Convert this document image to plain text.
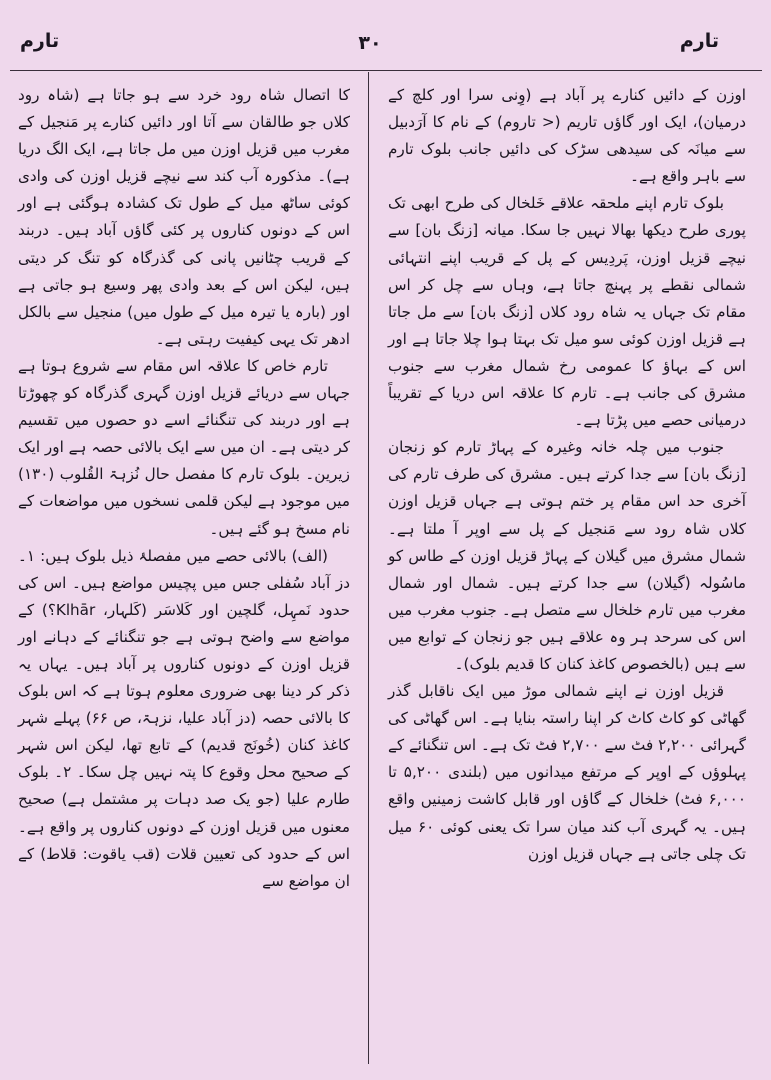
تارم
۳۰
تارم

اوزن کے دائیں کنارے پر آباد ہے (وِنی سرا اور کلچ کے درمیان)، ایک اور گاؤں تاریم (< تاروم) کے نام کا آرَدبیل سے میانَہ کی سیدھی سڑک کی دائیں جانب بلوک تارم سے باہر واقع ہے۔

بلوک تارم اپنے ملحقہ علاقے خَلخال کی طرح ابھی تک پوری طرح دیکھا بھالا نہیں جا سکا. میانہ [زنگ بان] سے نیچے قزیل اوزن، پَردِیس کے پل کے قریب اپنے انتہائی شمالی نقطے پر پہنچ جاتا ہے، وہاں سے چل کر اس مقام تک جہاں یہ شاہ رود کلاں [زنگ بان] سے مل جاتا ہے قزیل اوزن کوئی سو میل تک بہتا ہوا چلا جاتا ہے اور اس کے بہاؤ کا عمومی رخ شمال مغرب سے جنوب مشرق کی جانب ہے۔ تارم کا علاقہ اس دریا کے تقریباً درمیانی حصے میں پڑتا ہے۔

جنوب میں چلہ خانہ وغیرہ کے پہاڑ تارم کو زنجان [زنگ بان] سے جدا کرتے ہیں۔ مشرق کی طرف تارم کی آخری حد اس مقام پر ختم ہوتی ہے جہاں قزیل اوزن کلاں شاہ رود سے مَنجیل کے پل سے اوپر آ ملتا ہے۔ شمال مشرق میں گیلان کے پہاڑ قزیل اوزن کے طاس کو ماسُولہ (گیلان) سے جدا کرتے ہیں۔ شمال اور شمال مغرب میں تارم خلخال سے متصل ہے۔ جنوب مغرب میں اس کی سرحد ہر وہ علاقے ہیں جو زنجان کے توابع میں سے ہیں (بالخصوص کاغذ کنان کا قدیم بلوک)۔

قزیل اوزن نے اپنے شمالی موڑ میں ایک ناقابل گذر گھاٹی کو کاٹ کاٹ کر اپنا راستہ بنایا ہے۔ اس گھاٹی کی گہرائی ۲,۲۰۰ فٹ سے ۲,۷۰۰ فٹ تک ہے۔ اس تنگنائے کے پہلوؤں کے اوپر کے مرتفع میدانوں میں (بلندی ۵,۲۰۰ تا ۶,۰۰۰ فٹ) خلخال کے گاؤں اور قابل کاشت زمینیں واقع ہیں۔ یہ گہری آب کند میان سرا تک یعنی کوئی ۶۰ میل تک چلی جاتی ہے جہاں قزیل اوزن

کا اتصال شاہ رود خرد سے ہو جاتا ہے (شاہ رود کلاں جو طالقان سے آتا اور دائیں کنارے پر مَنجیل کے مغرب میں قزیل اوزن میں مل جاتا ہے، ایک الگ دریا ہے)۔ مذکورہ آب کند سے نیچے قزیل اوزن کی وادی کوئی ساٹھ میل کے طول تک کشادہ ہوگئی ہے اور اس کے دونوں کناروں پر کئی گاؤں آباد ہیں۔ دربند کے قریب چٹانیں پانی کی گذرگاہ کو تنگ کر دیتی ہیں، لیکن اس کے بعد وادی پھر وسیع ہو جاتی ہے اور (بارہ یا تیرہ میل کے طول میں) منجیل سے بالکل ادھر تک یہی کیفیت رہتی ہے۔

تارم خاص کا علاقہ اس مقام سے شروع ہوتا ہے جہاں سے دریائے قزیل اوزن گہری گذرگاہ کو چھوڑتا ہے اور دربند کی تنگنائے اسے دو حصوں میں تقسیم کر دیتی ہے۔ ان میں سے ایک بالائی حصہ ہے اور ایک زیرین۔ بلوک تارم کا مفصل حال نُزہۃ القُلوب (۱۳۰) میں موجود ہے لیکن قلمی نسخوں میں مواضعات کے نام مسخ ہو گئے ہیں۔

(الف) بالائی حصے میں مفصلۂ ذیل بلوک ہیں: ۱۔ دز آباد سُفلی جس میں پچیس مواضع ہیں۔ اس کی حدود نَمہِل، گلچین اور کَلاسَر (کَلہار، Klhār؟) کے مواضع سے واضح ہوتی ہے جو تنگنائے کے دہانے اور قزیل اوزن کے دونوں کناروں پر آباد ہیں۔ یہاں یہ ذکر کر دینا بھی ضروری معلوم ہوتا ہے کہ اس بلوک کا بالائی حصہ (دز آباد علیا، نزہۃ، ص ۶۶) پہلے شہر کاغذ کنان (خُونَج قدیم) کے تابع تھا، لیکن اس شہر کے صحیح محل وقوع کا پتہ نہیں چل سکا۔ ۲۔ بلوک طارم علیا (جو یک صد دہات پر مشتمل ہے) صحیح معنوں میں قزیل اوزن کے دونوں کناروں پر واقع ہے۔ اس کے حدود کی تعیین قلات (قب یاقوت: قلاط) کے ان مواضع سے
